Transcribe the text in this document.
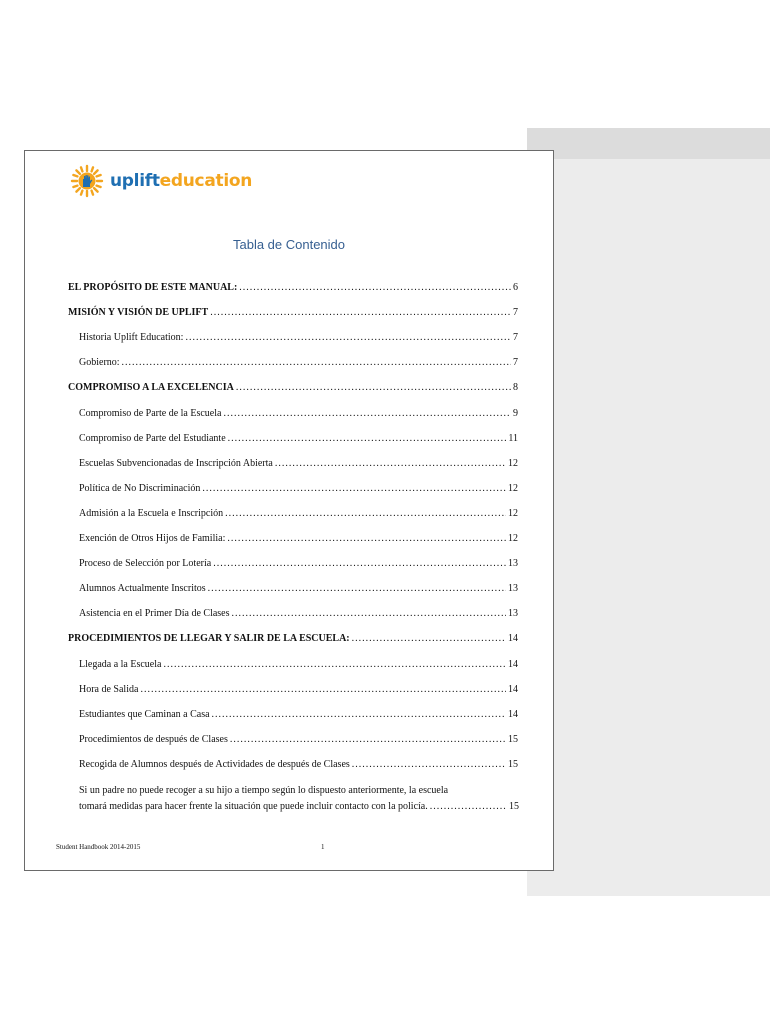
uplifteducation
Tabla de Contenido
EL PROPÓSITO DE ESTE MANUAL: .....	6
MISIÓN Y VISIÓN DE UPLIFT .....	7
Historia Uplift Education: .....	7
Gobierno: .....	7
COMPROMISO A LA EXCELENCIA .....	8
Compromiso de Parte de la Escuela .....	9
Compromiso de Parte del Estudiante .....	11
Escuelas Subvencionadas de Inscripción Abierta .....	12
Política de No Discriminación .....	12
Admisión a la Escuela e Inscripción .....	12
Exención de Otros Hijos de Familia: .....	12
Proceso de Selección por Lotería .....	13
Alumnos Actualmente Inscritos .....	13
Asistencia en el Primer Día de Clases .....	13
PROCEDIMIENTOS DE LLEGAR Y SALIR DE LA ESCUELA: .....	14
Llegada a la Escuela .....	14
Hora de Salida .....	14
Estudiantes que Caminan a Casa .....	14
Procedimientos de después de Clases .....	15
Recogida de Alumnos después de Actividades de después de Clases .....	15
Si un padre no puede recoger a su hijo a tiempo según lo dispuesto anteriormente, la escuela
tomará medidas para hacer frente la situación que puede incluir contacto con la policía. .....	15
Student Handbook 2014-2015	1
